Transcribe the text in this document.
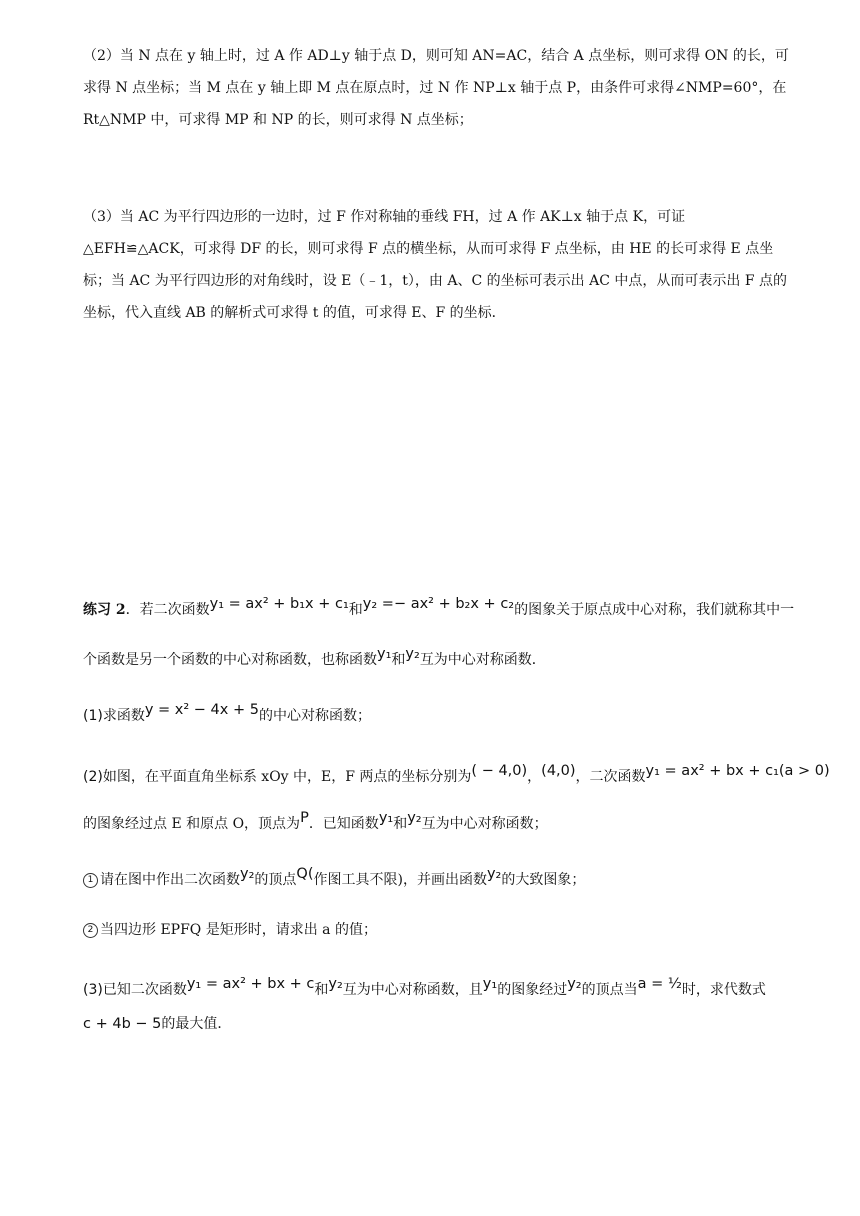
（2）当 N 点在 y 轴上时，过 A 作 AD⊥y 轴于点 D，则可知 AN=AC，结合 A 点坐标，则可求得 ON 的长，可求得 N 点坐标；当 M 点在 y 轴上即 M 点在原点时，过 N 作 NP⊥x 轴于点 P，由条件可求得∠NMP=60°，在 Rt△NMP 中，可求得 MP 和 NP 的长，则可求得 N 点坐标；

（3）当 AC 为平行四边形的一边时，过 F 作对称轴的垂线 FH，过 A 作 AK⊥x 轴于点 K，可证△EFH≌△ACK，可求得 DF 的长，则可求得 F 点的横坐标，从而可求得 F 点坐标，由 HE 的长可求得 E 点坐标；当 AC 为平行四边形的对角线时，设 E（﹣1，t），由 A、C 的坐标可表示出 AC 中点，从而可表示出 F 点的坐标，代入直线 AB 的解析式可求得 t 的值，可求得 E、F 的坐标．

练习 2．若二次函数y₁ = ax² + b₁x + c₁和y₂ =− ax² + b₂x + c₂的图象关于原点成中心对称，我们就称其中一
个函数是另一个函数的中心对称函数，也称函数y₁和y₂互为中心对称函数．
(1)求函数y = x² − 4x + 5的中心对称函数；
(2)如图，在平面直角坐标系 xOy 中，E，F 两点的坐标分别为( − 4,0)，(4,0)，二次函数y₁ = ax² + bx + c₁(a > 0)
的图象经过点 E 和原点 O，顶点为P．已知函数y₁和y₂互为中心对称函数；
1 请在图中作出二次函数y₂的顶点Q(作图工具不限)，并画出函数y₂的大致图象；
2 当四边形 EPFQ 是矩形时，请求出 a 的值；
(3)已知二次函数y₁ = ax² + bx + c和y₂互为中心对称函数，且y₁的图象经过y₂的顶点当a = ½时，求代数式
c + 4b − 5的最大值．
